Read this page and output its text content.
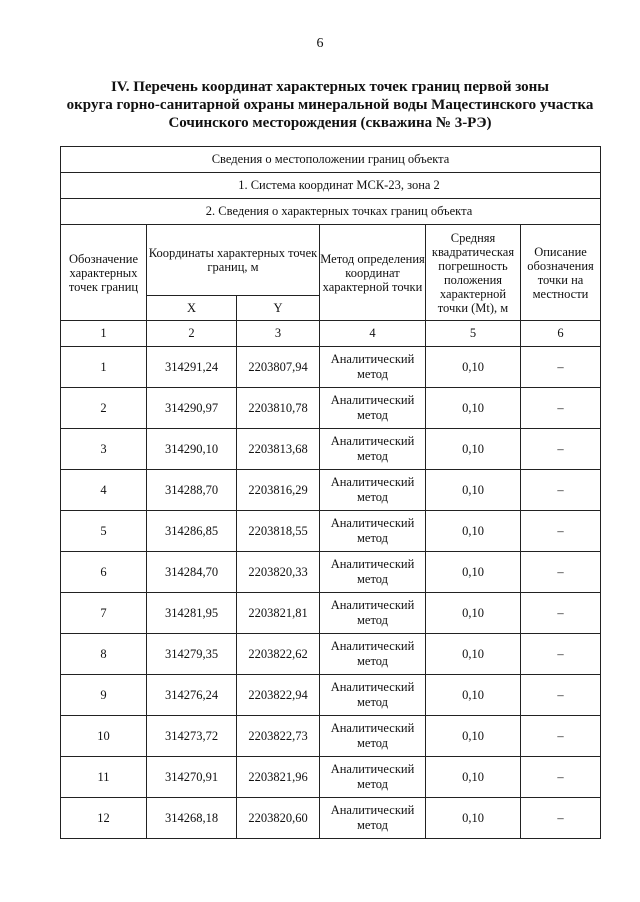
6
IV. Перечень координат характерных точек границ первой зоны
округа горно-санитарной охраны минеральной воды Мацестинского участка
Сочинского месторождения (скважина № 3-РЭ)
Сведения о местоположении границ объекта					
1. Система координат МСК-23, зона 2					
2. Сведения о характерных точках границ объекта					
Обозначение характерных точек границ	Координаты характерных точек границ, м		Метод определения координат характерной точки	Средняя квадратическая погрешность положения характерной точки (Mt), м	Описание обозначения точки на местности
	X	Y			
1	2	3	4	5	6
1	314291,24	2203807,94	Аналитический метод	0,10	–
2	314290,97	2203810,78	Аналитический метод	0,10	–
3	314290,10	2203813,68	Аналитический метод	0,10	–
4	314288,70	2203816,29	Аналитический метод	0,10	–
5	314286,85	2203818,55	Аналитический метод	0,10	–
6	314284,70	2203820,33	Аналитический метод	0,10	–
7	314281,95	2203821,81	Аналитический метод	0,10	–
8	314279,35	2203822,62	Аналитический метод	0,10	–
9	314276,24	2203822,94	Аналитический метод	0,10	–
10	314273,72	2203822,73	Аналитический метод	0,10	–
11	314270,91	2203821,96	Аналитический метод	0,10	–
12	314268,18	2203820,60	Аналитический метод	0,10	–
